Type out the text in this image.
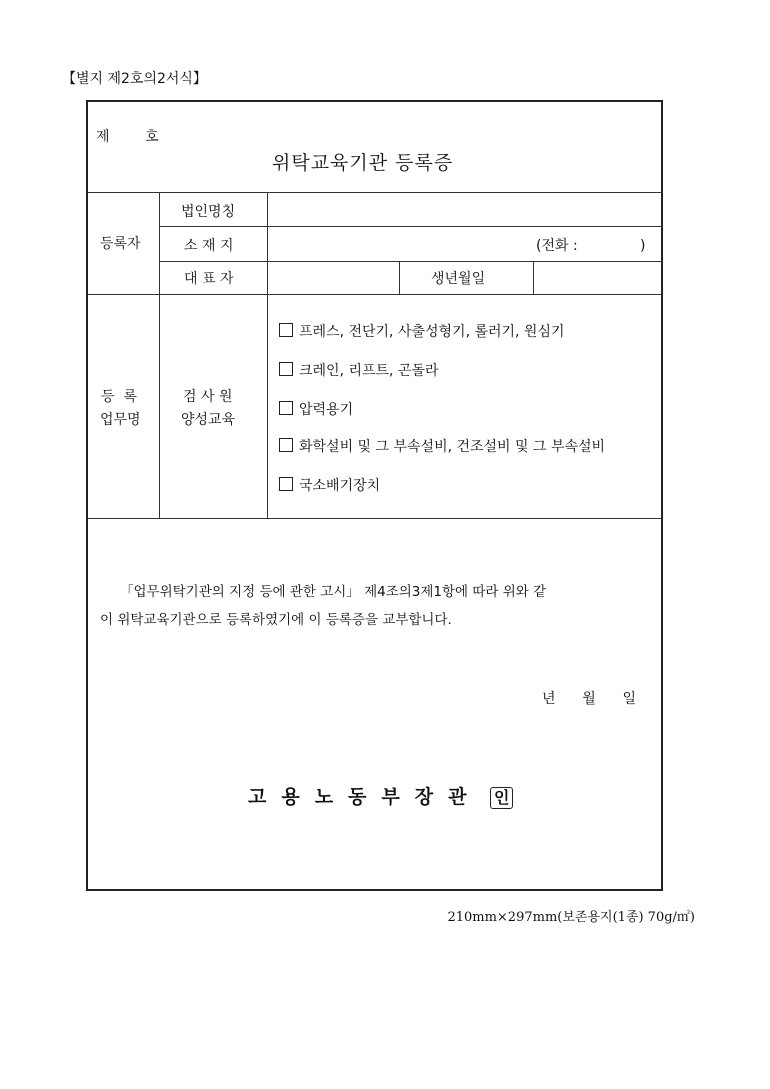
【별지 제2호의2서식】
제        호
위탁교육기관 등록증
등록자
법인명칭
소 재 지	(전화 :              )
대 표 자	생년월일
등  록
업무명
검 사 원
양성교육
프레스, 전단기, 사출성형기, 롤러기, 원심기
크레인, 리프트, 곤돌라
압력용기
화학설비 및 그 부속설비, 건조설비 및 그 부속설비
국소배기장치
「업무위탁기관의 지정 등에 관한 고시」 제4조의3제1항에 따라 위와 같
이 위탁교육기관으로 등록하였기에 이 등록증을 교부합니다.
년      월      일
고용노동부장관 인
210mm×297mm(보존용지(1종) 70g/㎡)
